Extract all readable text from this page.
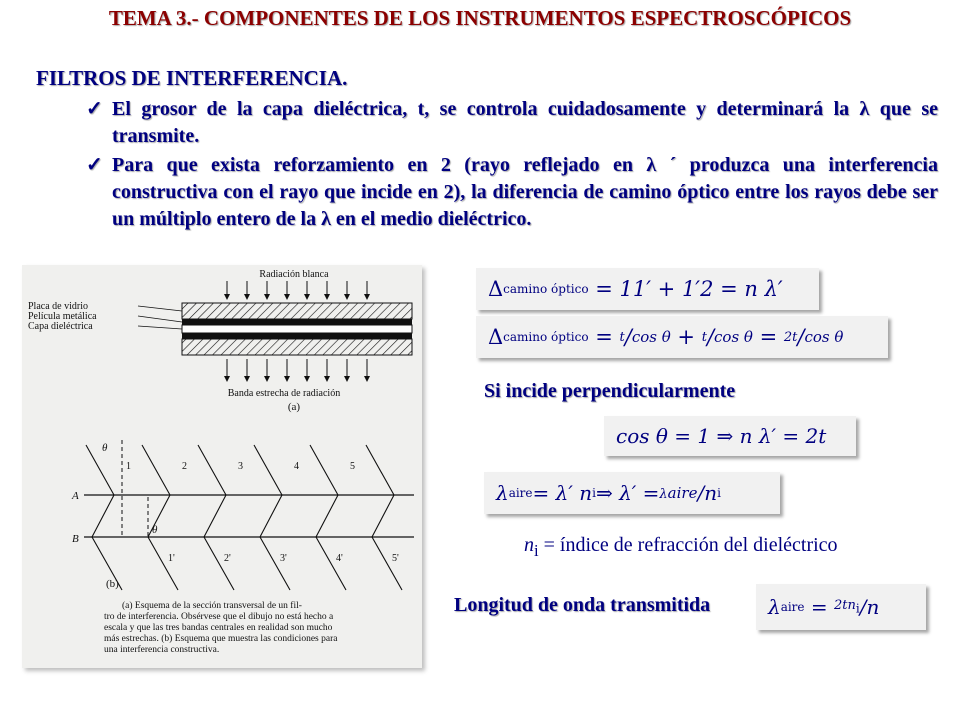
TEMA 3.- COMPONENTES DE LOS INSTRUMENTOS ESPECTROSCÓPICOS
FILTROS DE INTERFERENCIA.
✓ El grosor de la capa dieléctrica, t, se controla cuidadosamente y determinará la λ que se transmite.
✓ Para que exista reforzamiento en 2 (rayo reflejado en λ ´ produzca una interferencia constructiva con el rayo que incide en 2), la diferencia de camino óptico entre los rayos debe ser un múltiplo entero de la λ en el medio dieléctrico.
Radiación blanca
Placa de vidrio
Película metálica
Capa dieléctrica
Banda estrecha de radiación
(a)
A
B
θ
θ
1	2	3	4	5
1'	2'	3'	4'	5'
(b)
(a) Esquema de la sección transversal de un fil-
tro de interferencia. Obsérvese que el dibujo no está hecho a
escala y que las tres bandas centrales en realidad son mucho
más estrechas. (b) Esquema que muestra las condiciones para
una interferencia constructiva.
Δ camino óptico
= 11′ + 1′2 = n λ′
Δ camino óptico = t / cos θ + t / cos θ = 2t / cos θ
Si incide perpendicularmente
cos θ = 1 ⇒ n λ′ = 2t
λ aire = λ′ n i ⇒ λ′ = λaire / n i
$n_i$ = índice de refracción del dieléctrico
Longitud de onda transmitida	λ aire = $2tn_i$ / n
